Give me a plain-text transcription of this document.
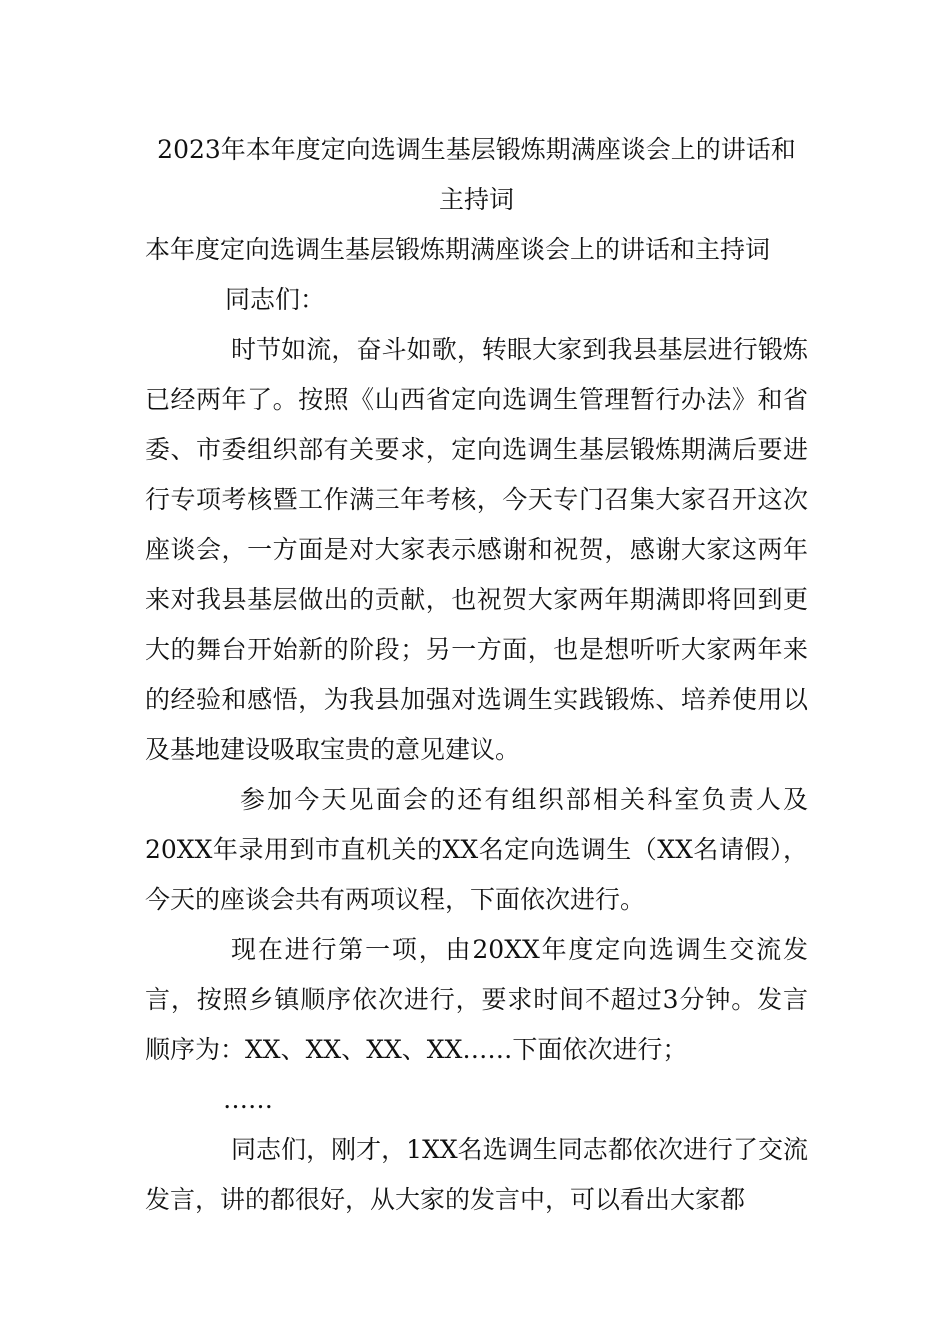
2023年本年度定向选调生基层锻炼期满座谈会上的讲话和主持词

本年度定向选调生基层锻炼期满座谈会上的讲话和主持词

同志们：

时节如流，奋斗如歌，转眼大家到我县基层进行锻炼已经两年了。按照《山西省定向选调生管理暂行办法》和省委、市委组织部有关要求，定向选调生基层锻炼期满后要进行专项考核暨工作满三年考核，今天专门召集大家召开这次座谈会，一方面是对大家表示感谢和祝贺，感谢大家这两年来对我县基层做出的贡献，也祝贺大家两年期满即将回到更大的舞台开始新的阶段；另一方面，也是想听听大家两年来的经验和感悟，为我县加强对选调生实践锻炼、培养使用以及基地建设吸取宝贵的意见建议。

参加今天见面会的还有组织部相关科室负责人及20XX年录用到市直机关的XX名定向选调生（XX名请假），今天的座谈会共有两项议程，下面依次进行。

现在进行第一项，由20XX年度定向选调生交流发言，按照乡镇顺序依次进行，要求时间不超过3分钟。发言顺序为：XX、XX、XX、XX……下面依次进行；

……

同志们，刚才，1XX名选调生同志都依次进行了交流发言，讲的都很好，从大家的发言中，可以看出大家都
